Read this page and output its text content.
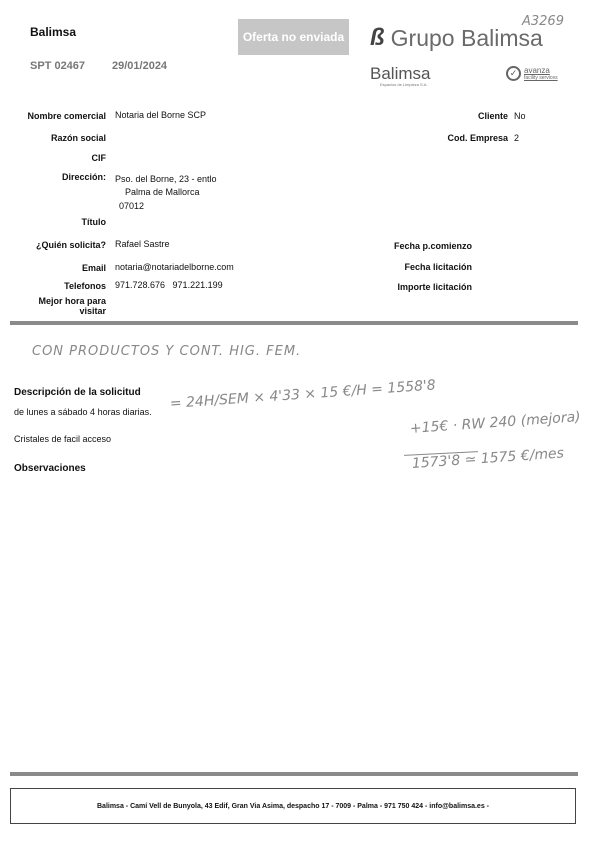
Balimsa
SPT 02467 29/01/2024
Oferta no enviada
A3269
ß Grupo Balimsa
Balimsa
Espacios de Limpieza S.A.
✓ avanza
facility services
Nombre comercial Notaria del Borne SCP
Razón social
CIF
Dirección: Pso. del Borne, 23 - entlo
Palma de Mallorca
07012
Título
¿Quién solicita? Rafael Sastre
Email notaria@notariadelborne.com
Telefonos 971.728.676   971.221.199
Mejor hora para
visitar
Cliente No
Cod. Empresa 2
Fecha p.comienzo
Fecha licitación
Importe licitación
CON PRODUCTOS Y CONT. HIG. FEM.
Descripción de la solicitud
de lunes a sábado 4 horas diarias.
= 24H/SEM × 4'33 × 15 €/H = 1558'8
Cristales de facil acceso
+15€ · RW 240 (mejora)
Observaciones	1573'8 ≃ 1575 €/mes
Balimsa - Camí Vell de Bunyola, 43 Edif, Gran Via Asima, despacho 17 - 7009 - Palma - 971 750 424 - info@balimsa.es -
